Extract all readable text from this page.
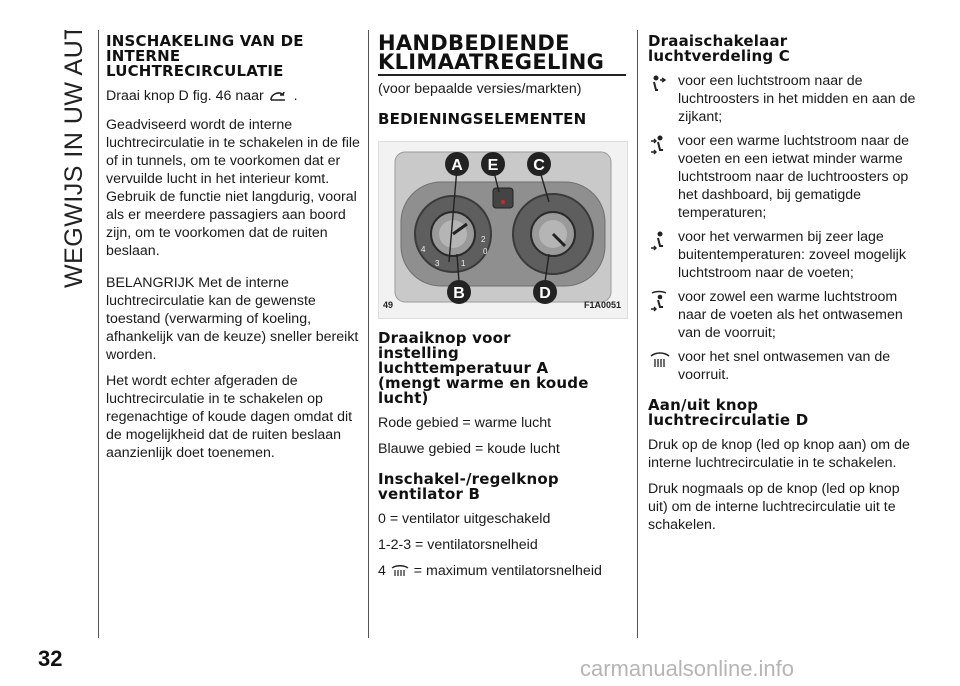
WEGWIJS IN UW AUTO INSCHAKELING VAN DE
INTERNE
LUCHTRECIRCULATIE

Draai knop D fig. 46 naar .

Geadviseerd wordt de interne luchtrecirculatie in te schakelen in de file of in tunnels, om te voorkomen dat er vervuilde lucht in het interieur komt. Gebruik de functie niet langdurig, vooral als er meerdere passagiers aan boord zijn, om te voorkomen dat de ruiten beslaan.

BELANGRIJK Met de interne luchtrecirculatie kan de gewenste toestand (verwarming of koeling, afhankelijk van de keuze) sneller bereikt worden.

Het wordt echter afgeraden de luchtrecirculatie in te schakelen op regenachtige of koude dagen omdat dit de mogelijkheid dat de ruiten beslaan aanzienlijk doet toenemen.

HANDBEDIENDE
KLIMAATREGELING

(voor bepaalde versies/markten)

BEDIENINGSELEMENTEN
A E C
B	D
4
3
2
1
0
49	F1A0051
Draaiknop voor
instelling
luchttemperatuur A
(mengt warme en koude
lucht)

Rode gebied = warme lucht

Blauwe gebied = koude lucht

Inschakel-/regelknop
ventilator B

0 = ventilator uitgeschakeld

1-2-3 = ventilatorsnelheid

4 = maximum ventilatorsnelheid

Draaischakelaar
luchtverdeling C
voor een luchtstroom naar de luchtroosters in het midden en aan de zijkant;
voor een warme luchtstroom naar de voeten en een ietwat minder warme luchtstroom naar de luchtroosters op het dashboard, bij gematigde temperaturen;
voor het verwarmen bij zeer lage buitentemperaturen: zoveel mogelijk luchtstroom naar de voeten;
voor zowel een warme luchtstroom naar de voeten als het ontwasemen van de voorruit;
voor het snel ontwasemen van de voorruit.
Aan/uit knop
luchtrecirculatie D

Druk op de knop (led op knop aan) om de interne luchtrecirculatie in te schakelen.

Druk nogmaals op de knop (led op knop uit) om de interne luchtrecirculatie uit te schakelen.

32	carmanualsonline.info
